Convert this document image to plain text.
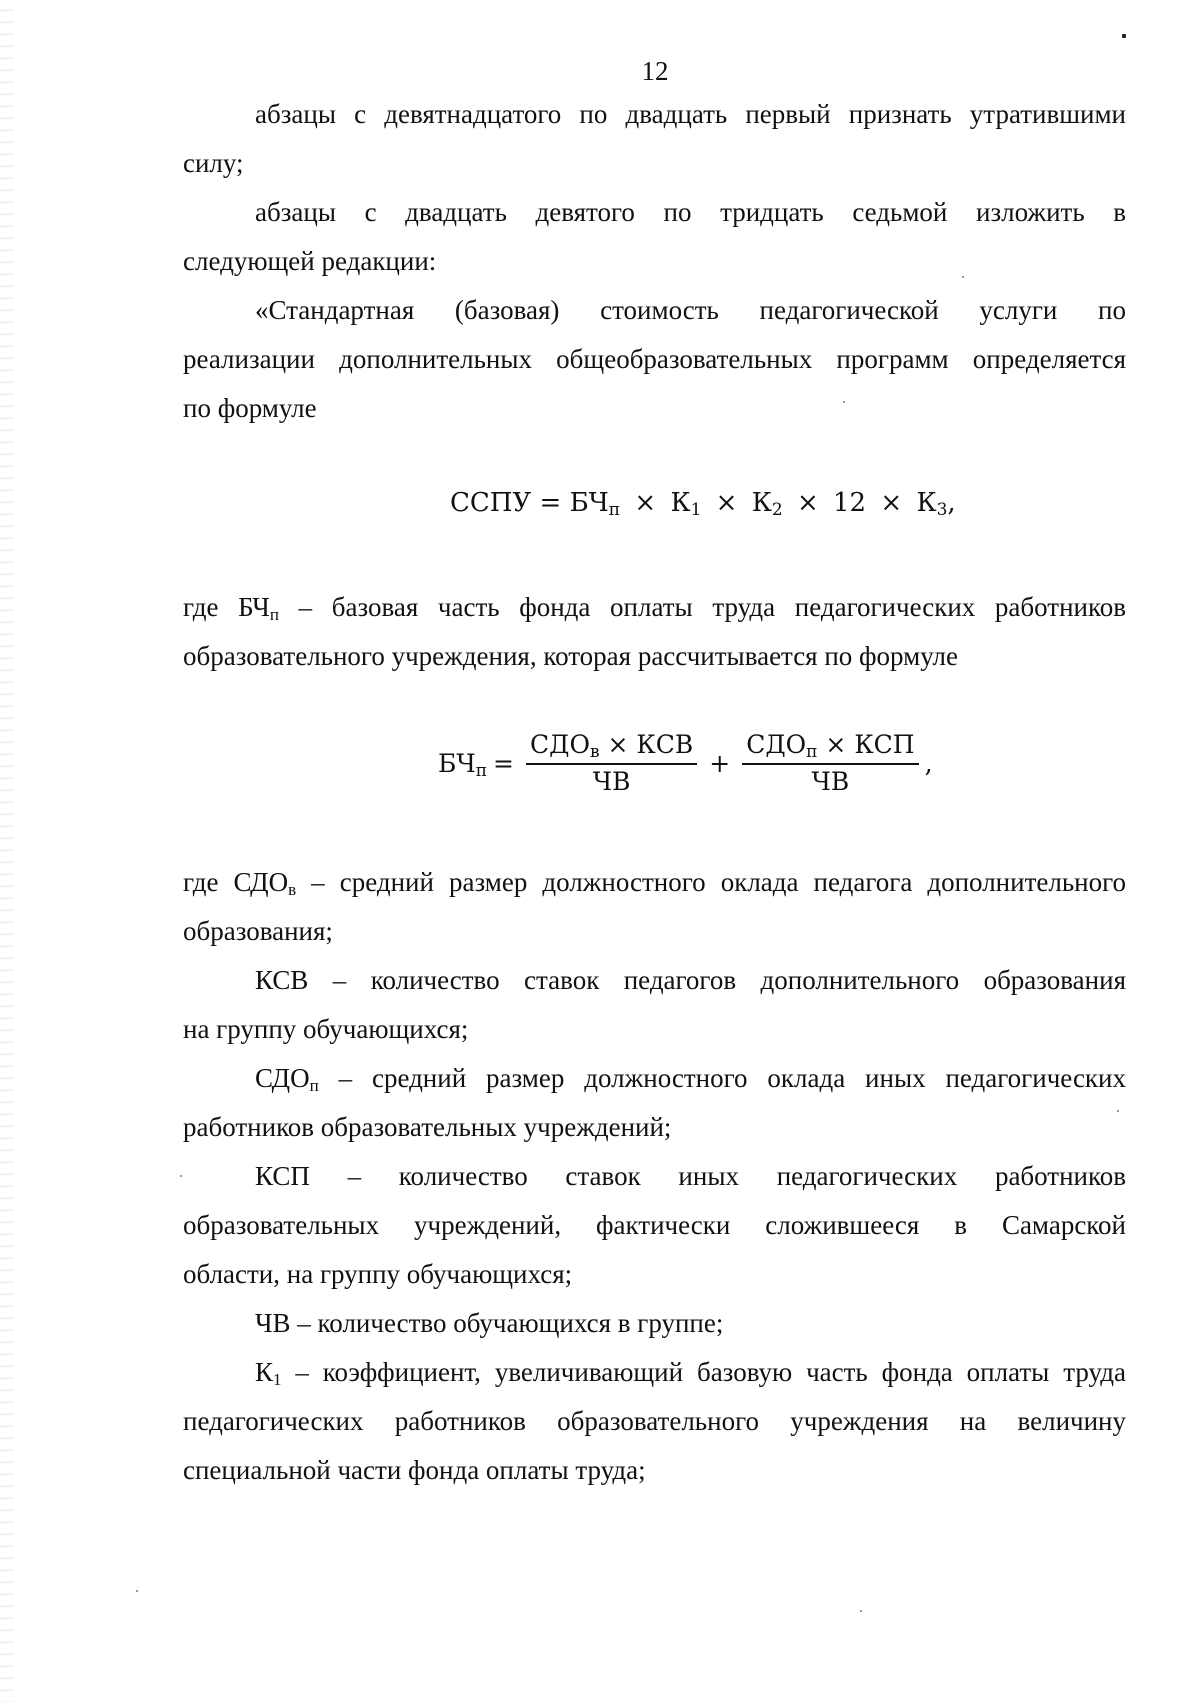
12
абзацы с девятнадцатого по двадцать первый признать утратившими
силу;
абзацы с двадцать девятого по тридцать седьмой изложить в
следующей редакции:
«Стандартная (базовая) стоимость педагогической услуги по
реализации дополнительных общеобразовательных программ определяется
по формуле
ССПУ = $БЧ_п \times К_1 \times К_2 \times 12 \times К_3$,
где $БЧ_п$ – базовая часть фонда оплаты труда педагогических работников
образовательного учреждения, которая рассчитывается по формуле
$БЧ_п = \frac{СДО_в \times КСВ}{ЧВ} + \frac{СДО_п \times КСП}{ЧВ}$ ,
где $СДО_в$ – средний размер должностного оклада педагога дополнительного
образования;
КСВ – количество ставок педагогов дополнительного образования
на группу обучающихся;
$СДО_п$ – средний размер должностного оклада иных педагогических
работников образовательных учреждений;
КСП – количество ставок иных педагогических работников
образовательных учреждений, фактически сложившееся в Самарской
области, на группу обучающихся;
ЧВ – количество обучающихся в группе;
$К_1$ – коэффициент, увеличивающий базовую часть фонда оплаты труда
педагогических работников образовательного учреждения на величину
специальной части фонда оплаты труда;
